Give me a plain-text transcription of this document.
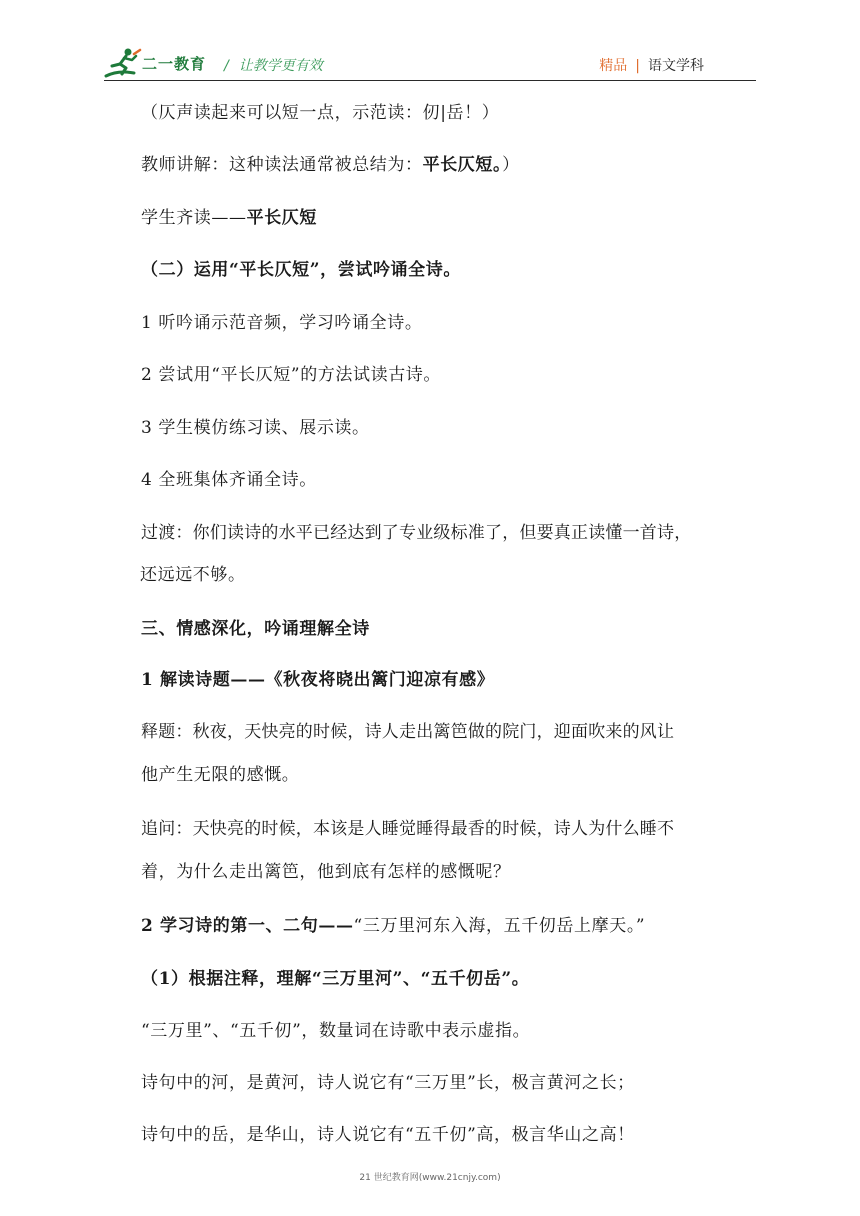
二一教育 / 让教学更有效	精品 | 语文学科
（仄声读起来可以短一点，示范读：仞|岳！）
教师讲解：这种读法通常被总结为：平长仄短。）
学生齐读——平长仄短
（二）运用“平长仄短”，尝试吟诵全诗。
1 听吟诵示范音频，学习吟诵全诗。
2 尝试用“平长仄短”的方法试读古诗。
3 学生模仿练习读、展示读。
4 全班集体齐诵全诗。
过渡：你们读诗的水平已经达到了专业级标准了，但要真正读懂一首诗，
还远远不够。
三、情感深化，吟诵理解全诗
1 解读诗题——《秋夜将晓出篱门迎凉有感》
释题：秋夜，天快亮的时候，诗人走出篱笆做的院门，迎面吹来的风让
他产生无限的感慨。
追问：天快亮的时候，本该是人睡觉睡得最香的时候，诗人为什么睡不
着，为什么走出篱笆，他到底有怎样的感慨呢？
2 学习诗的第一、二句——“三万里河东入海，五千仞岳上摩天。”
（1）根据注释，理解“三万里河”、“五千仞岳”。
“三万里”、“五千仞”，数量词在诗歌中表示虚指。
诗句中的河，是黄河，诗人说它有“三万里”长，极言黄河之长；
诗句中的岳，是华山，诗人说它有“五千仞”高，极言华山之高！
21 世纪教育网(www.21cnjy.com)
